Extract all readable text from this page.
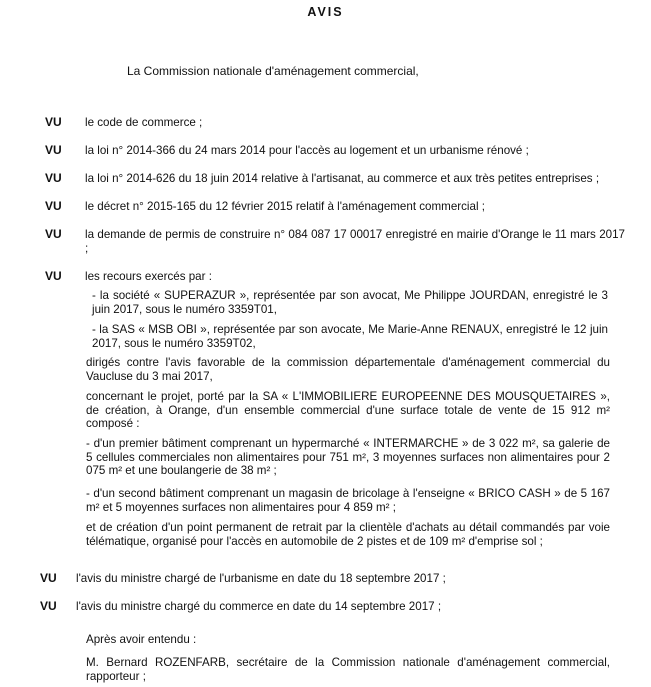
AVIS
La Commission nationale d'aménagement commercial,
VU le code de commerce ;
VU la loi n° 2014-366 du 24 mars 2014 pour l'accès au logement et un urbanisme rénové ;
VU la loi n° 2014-626 du 18 juin 2014 relative à l'artisanat, au commerce et aux très petites entreprises ;
VU le décret n° 2015-165 du 12 février 2015 relatif à l'aménagement commercial ;
VU la demande de permis de construire n° 084 087 17 00017 enregistré en mairie d'Orange le 11 mars 2017 ;
VU les recours exercés par :
- la société « SUPERAZUR », représentée par son avocat, Me Philippe JOURDAN, enregistré le 3 juin 2017, sous le numéro 3359T01,
- la SAS « MSB OBI », représentée par son avocate, Me Marie-Anne RENAUX, enregistré le 12 juin 2017, sous le numéro 3359T02,
dirigés contre l'avis favorable de la commission départementale d'aménagement commercial du Vaucluse du 3 mai 2017,
concernant le projet, porté par la SA « L'IMMOBILIERE EUROPEENNE DES MOUSQUETAIRES », de création, à Orange, d'un ensemble commercial d'une surface totale de vente de 15 912 m² composé :
- d'un premier bâtiment comprenant un hypermarché « INTERMARCHE » de 3 022 m², sa galerie de 5 cellules commerciales non alimentaires pour 751 m², 3 moyennes surfaces non alimentaires pour 2 075 m² et une boulangerie de 38 m² ;
- d'un second bâtiment comprenant un magasin de bricolage à l'enseigne « BRICO CASH » de 5 167 m² et 5 moyennes surfaces non alimentaires pour 4 859 m² ;
et de création d'un point permanent de retrait par la clientèle d'achats au détail commandés par voie télématique, organisé pour l'accès en automobile de 2 pistes et de 109 m² d'emprise sol ;
VU l'avis du ministre chargé de l'urbanisme en date du 18 septembre 2017 ;
VU l'avis du ministre chargé du commerce en date du 14 septembre 2017 ;
Après avoir entendu :
M. Bernard ROZENFARB, secrétaire de la Commission nationale d'aménagement commercial, rapporteur ;
